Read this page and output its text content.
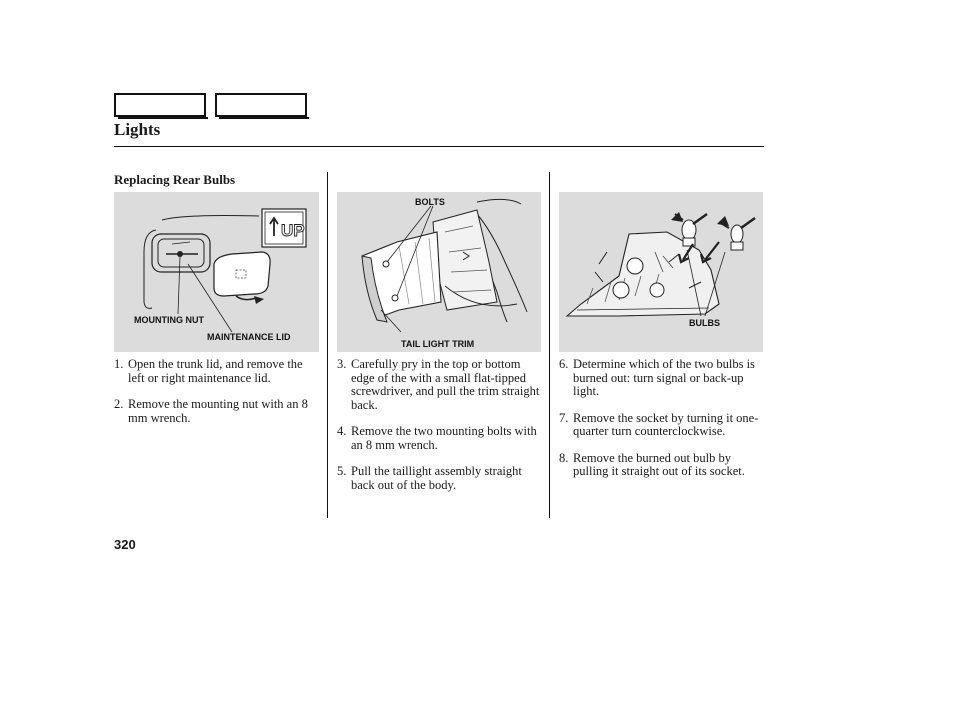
Lights
Replacing Rear Bulbs
UP
MOUNTING NUT
MAINTENANCE LID
BOLTS
TAIL LIGHT TRIM
BULBS
1. Open the trunk lid, and remove the left or right maintenance lid.
2. Remove the mounting nut with an 8 mm wrench.
3. Carefully pry in the top or bottom edge of the with a small flat-tipped screwdriver, and pull the trim straight back.
4. Remove the two mounting bolts with an 8 mm wrench.
5. Pull the taillight assembly straight back out of the body.
6. Determine which of the two bulbs is burned out: turn signal or back-up light.
7. Remove the socket by turning it one-quarter turn counterclockwise.
8. Remove the burned out bulb by pulling it straight out of its socket.
320
